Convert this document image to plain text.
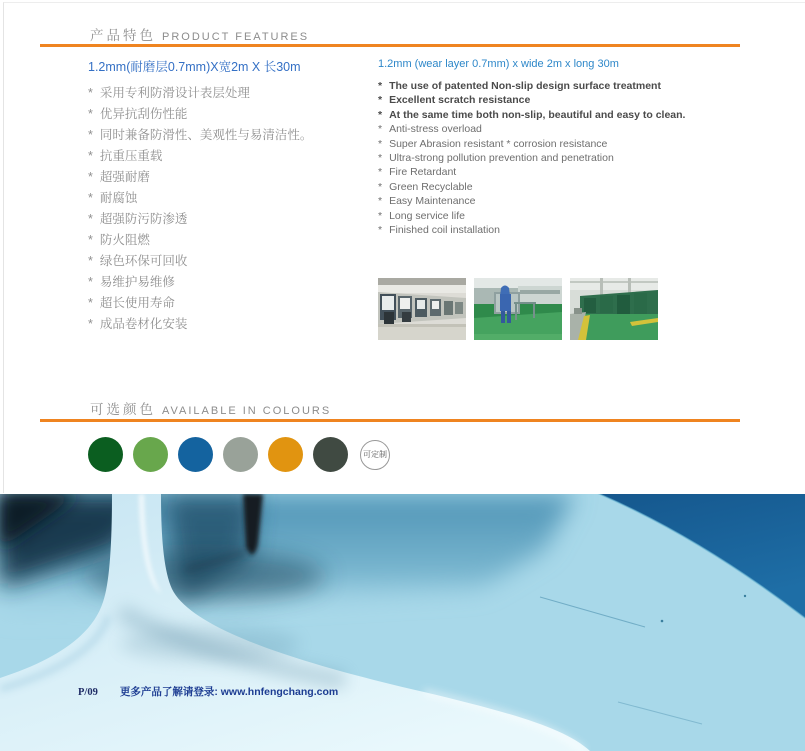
产品特色 PRODUCT FEATURES

1.2mm(耐磨层0.7mm)X宽2m X 长30m

* 采用专利防滑设计表层处理
* 优异抗刮伤性能
* 同时兼备防滑性、美观性与易清洁性。
* 抗重压重载
* 超强耐磨
* 耐腐蚀
* 超强防污防渗透
* 防火阻燃
* 绿色环保可回收
* 易维护易维修
* 超长使用寿命
* 成品卷材化安装

1.2mm (wear layer 0.7mm) x wide 2m x long 30m

* The use of patented Non-slip design surface treatment
* Excellent scratch resistance
* At the same time both non-slip, beautiful and easy to clean.
* Anti-stress overload
* Super Abrasion resistant * corrosion resistance
* Ultra-strong pollution prevention and penetration
* Fire Retardant
* Green Recyclable
* Easy Maintenance
* Long service life
* Finished coil installation
可选颜色 AVAILABLE IN COLOURS
可定制
P/09 更多产品了解请登录: www.hnfengchang.com
